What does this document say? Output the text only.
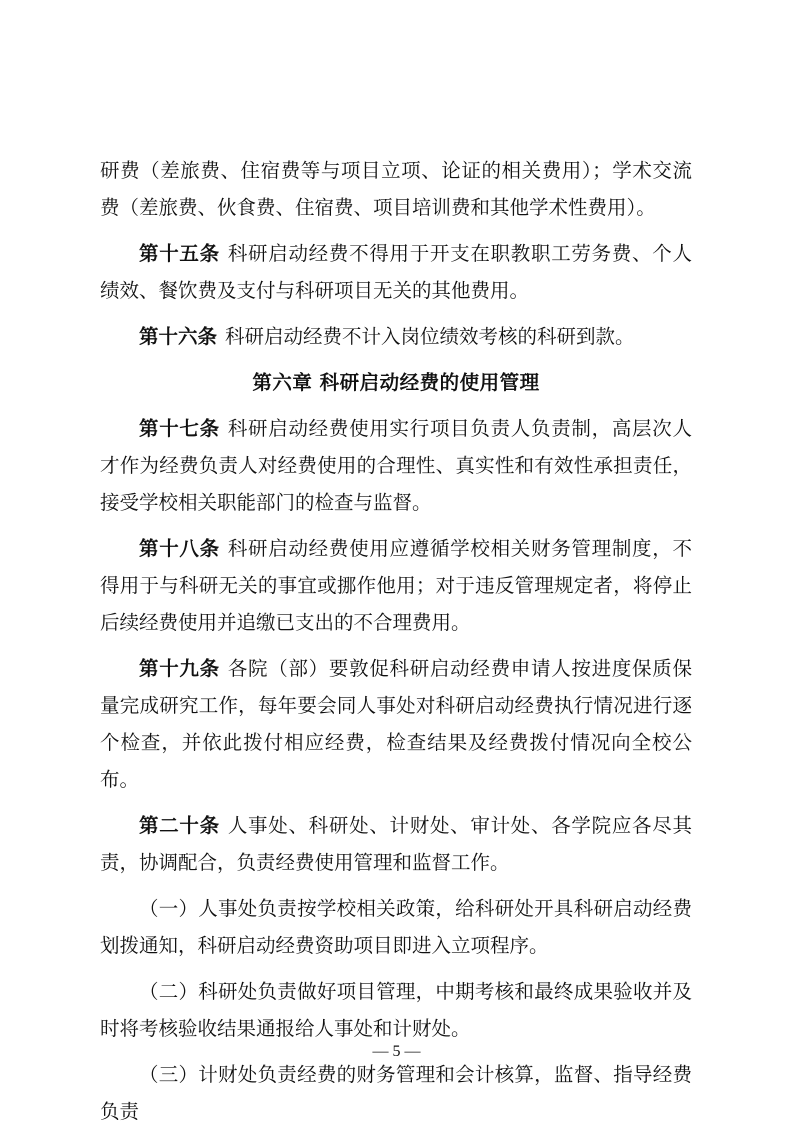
研费（差旅费、住宿费等与项目立项、论证的相关费用）；学术交流费（差旅费、伙食费、住宿费、项目培训费和其他学术性费用）。

第十五条 科研启动经费不得用于开支在职教职工劳务费、个人绩效、餐饮费及支付与科研项目无关的其他费用。

第十六条 科研启动经费不计入岗位绩效考核的科研到款。

第六章 科研启动经费的使用管理

第十七条 科研启动经费使用实行项目负责人负责制，高层次人才作为经费负责人对经费使用的合理性、真实性和有效性承担责任，接受学校相关职能部门的检查与监督。

第十八条 科研启动经费使用应遵循学校相关财务管理制度，不得用于与科研无关的事宜或挪作他用；对于违反管理规定者，将停止后续经费使用并追缴已支出的不合理费用。

第十九条 各院（部）要敦促科研启动经费申请人按进度保质保量完成研究工作，每年要会同人事处对科研启动经费执行情况进行逐个检查，并依此拨付相应经费，检查结果及经费拨付情况向全校公布。

第二十条 人事处、科研处、计财处、审计处、各学院应各尽其责，协调配合，负责经费使用管理和监督工作。

（一）人事处负责按学校相关政策，给科研处开具科研启动经费划拨通知，科研启动经费资助项目即进入立项程序。

（二）科研处负责做好项目管理，中期考核和最终成果验收并及时将考核验收结果通报给人事处和计财处。

（三）计财处负责经费的财务管理和会计核算，监督、指导经费负责

— 5 —
